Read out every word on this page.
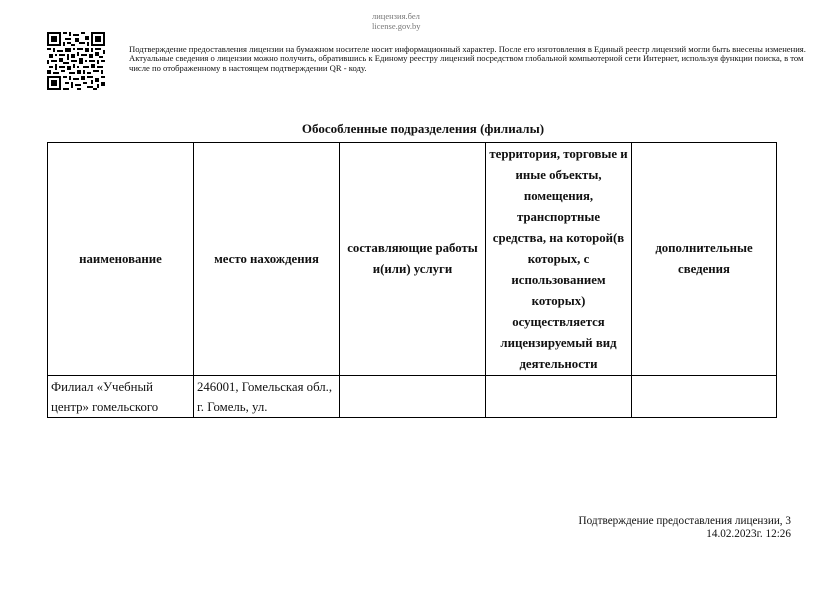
лицензия.бел
license.gov.by

Подтверждение предоставления лицензии на бумажном носителе носит информационный характер. После его изготовления в Единый реестр лицензий могли быть внесены изменения.

Актуальные сведения о лицензии можно получить, обратившись к Единому реестру лицензий посредством глобальной компьютерной сети Интернет, используя функции поиска, в том числе по отображенному в настоящем подтверждении QR - коду.

Обособленные подразделения (филиалы)
наименование	место нахождения	составляющие работы и(или) услуги	территория, торговые и иные объекты, помещения, транспортные средства, на которой(в которых, с использованием которых) осуществляется лицензируемый вид деятельности	дополнительные сведения
Филиал «Учебный центр» гомельского	246001, Гомельская обл., г. Гомель, ул.			
Подтверждение предоставления лицензии, 3
14.02.2023г. 12:26
